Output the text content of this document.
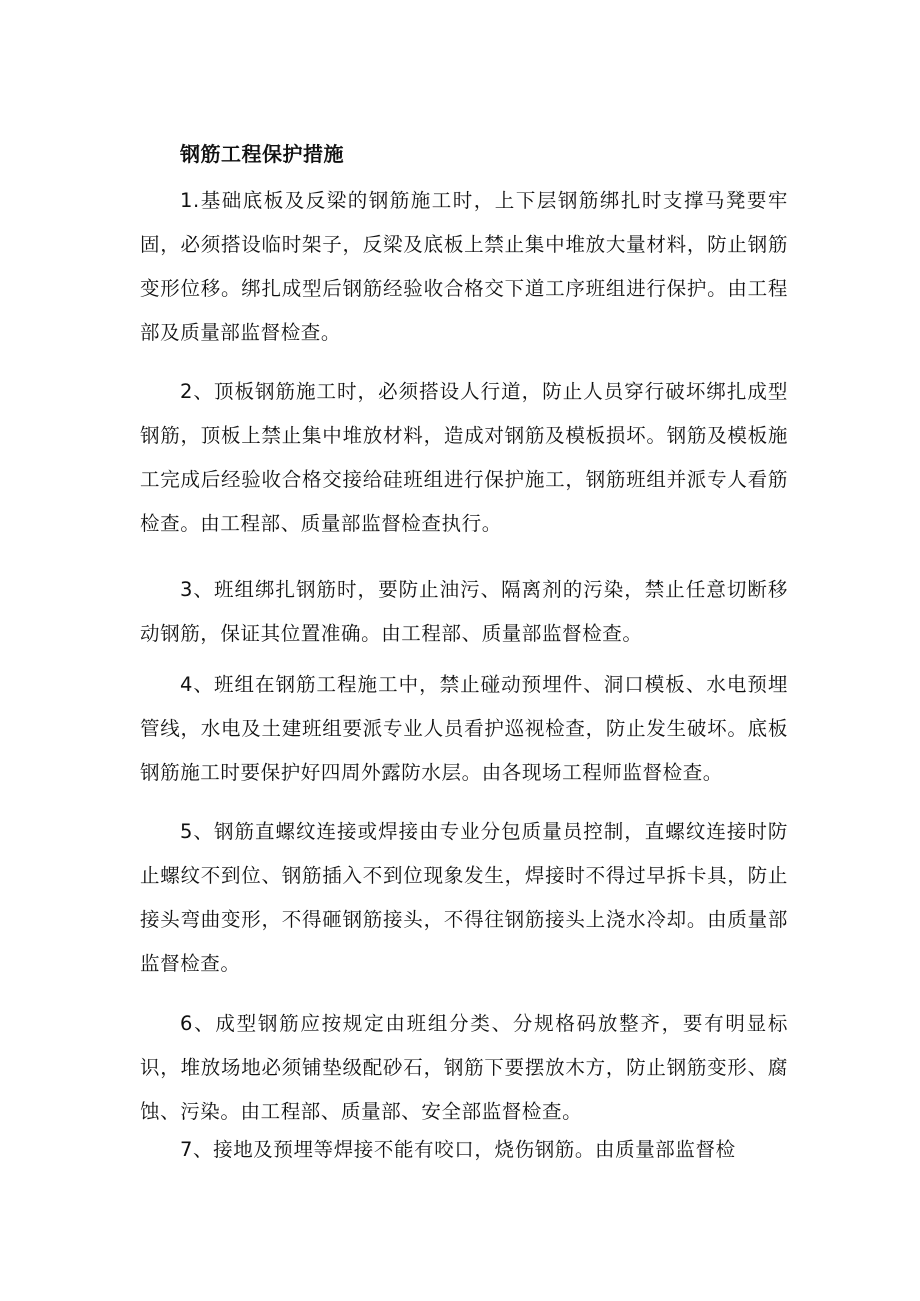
钢筋工程保护措施

1.基础底板及反梁的钢筋施工时，上下层钢筋绑扎时支撑马凳要牢固，必须搭设临时架子，反梁及底板上禁止集中堆放大量材料，防止钢筋变形位移。绑扎成型后钢筋经验收合格交下道工序班组进行保护。由工程部及质量部监督检查。

2、顶板钢筋施工时，必须搭设人行道，防止人员穿行破坏绑扎成型钢筋，顶板上禁止集中堆放材料，造成对钢筋及模板损坏。钢筋及模板施工完成后经验收合格交接给硅班组进行保护施工，钢筋班组并派专人看筋检查。由工程部、质量部监督检查执行。

3、班组绑扎钢筋时，要防止油污、隔离剂的污染，禁止任意切断移动钢筋，保证其位置准确。由工程部、质量部监督检查。

4、班组在钢筋工程施工中，禁止碰动预埋件、洞口模板、水电预埋管线，水电及土建班组要派专业人员看护巡视检查，防止发生破坏。底板钢筋施工时要保护好四周外露防水层。由各现场工程师监督检查。

5、钢筋直螺纹连接或焊接由专业分包质量员控制，直螺纹连接时防止螺纹不到位、钢筋插入不到位现象发生，焊接时不得过早拆卡具，防止接头弯曲变形，不得砸钢筋接头，不得往钢筋接头上浇水冷却。由质量部监督检查。

6、成型钢筋应按规定由班组分类、分规格码放整齐，要有明显标识，堆放场地必须铺垫级配砂石，钢筋下要摆放木方，防止钢筋变形、腐蚀、污染。由工程部、质量部、安全部监督检查。

7、接地及预埋等焊接不能有咬口，烧伤钢筋。由质量部监督检
